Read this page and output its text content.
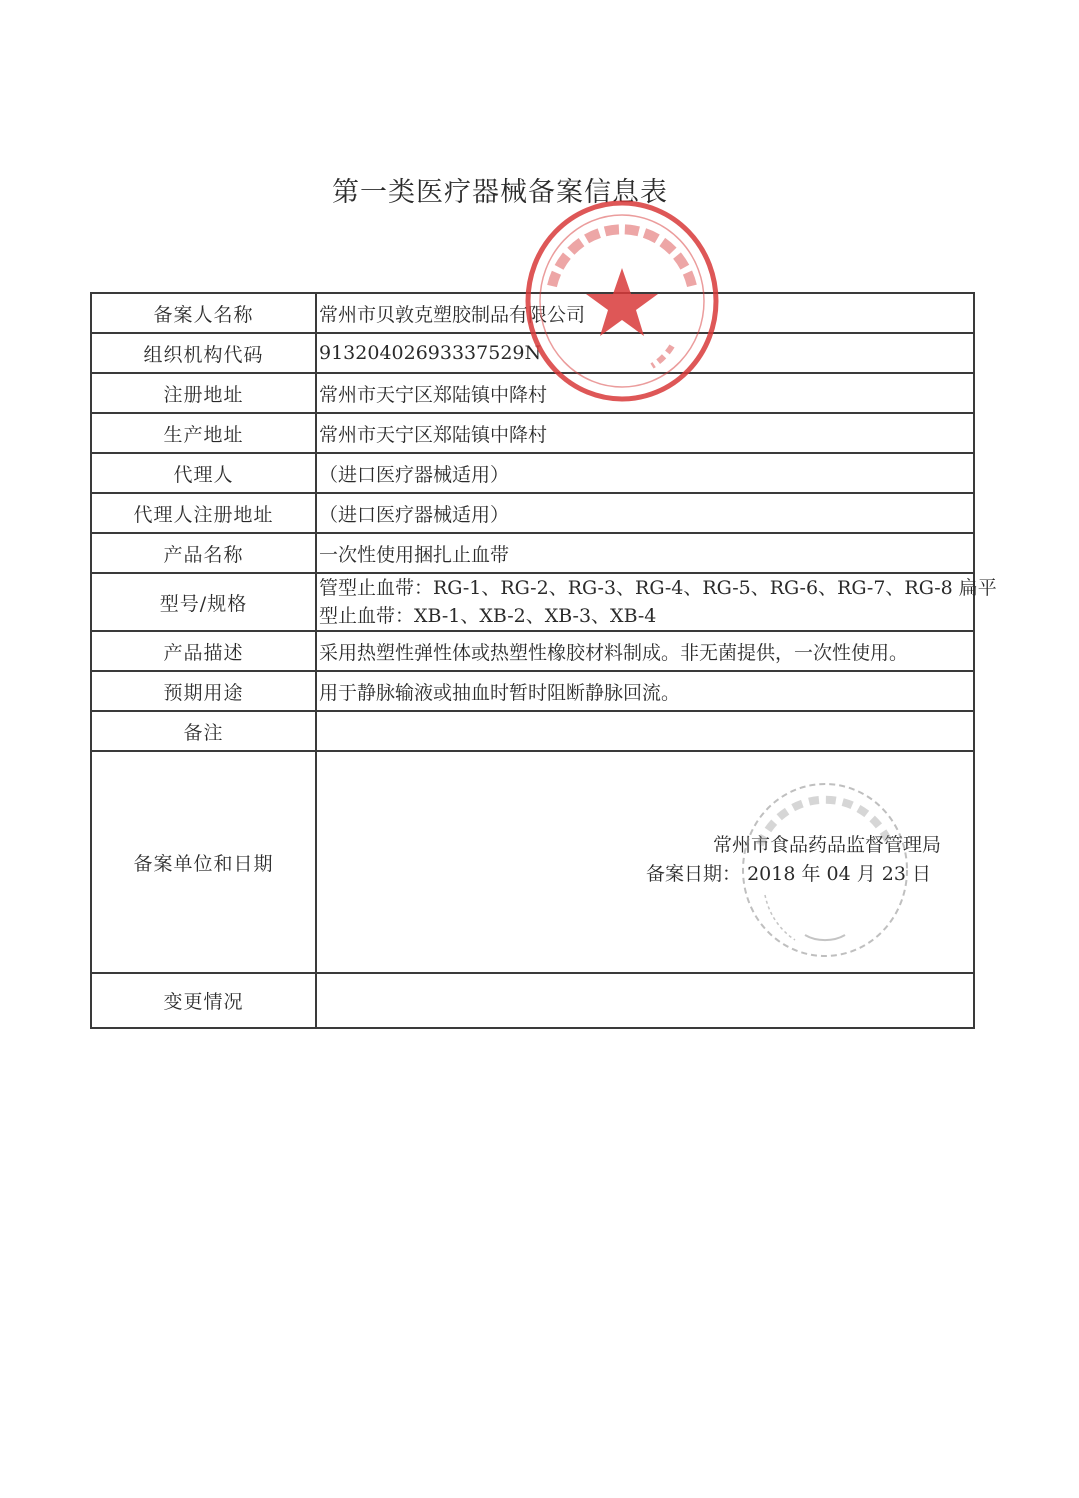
第一类医疗器械备案信息表
备案人名称	常州市贝敦克塑胶制品有限公司
组织机构代码	91320402693337529N
注册地址	常州市天宁区郑陆镇中降村
生产地址	常州市天宁区郑陆镇中降村
代理人	（进口医疗器械适用）
代理人注册地址	（进口医疗器械适用）
产品名称	一次性使用捆扎止血带
型号/规格	管型止血带：RG-1、RG-2、RG-3、RG-4、RG-5、RG-6、RG-7、RG-8 扁平
型止血带：XB-1、XB-2、XB-3、XB-4

产品描述	采用热塑性弹性体或热塑性橡胶材料制成。非无菌提供，一次性使用。
预期用途	用于静脉输液或抽血时暂时阻断静脉回流。
备注	
备案单位和日期	常州市食品药品监督管理局
备案日期： 2018 年 04 月 23 日

变更情况	
